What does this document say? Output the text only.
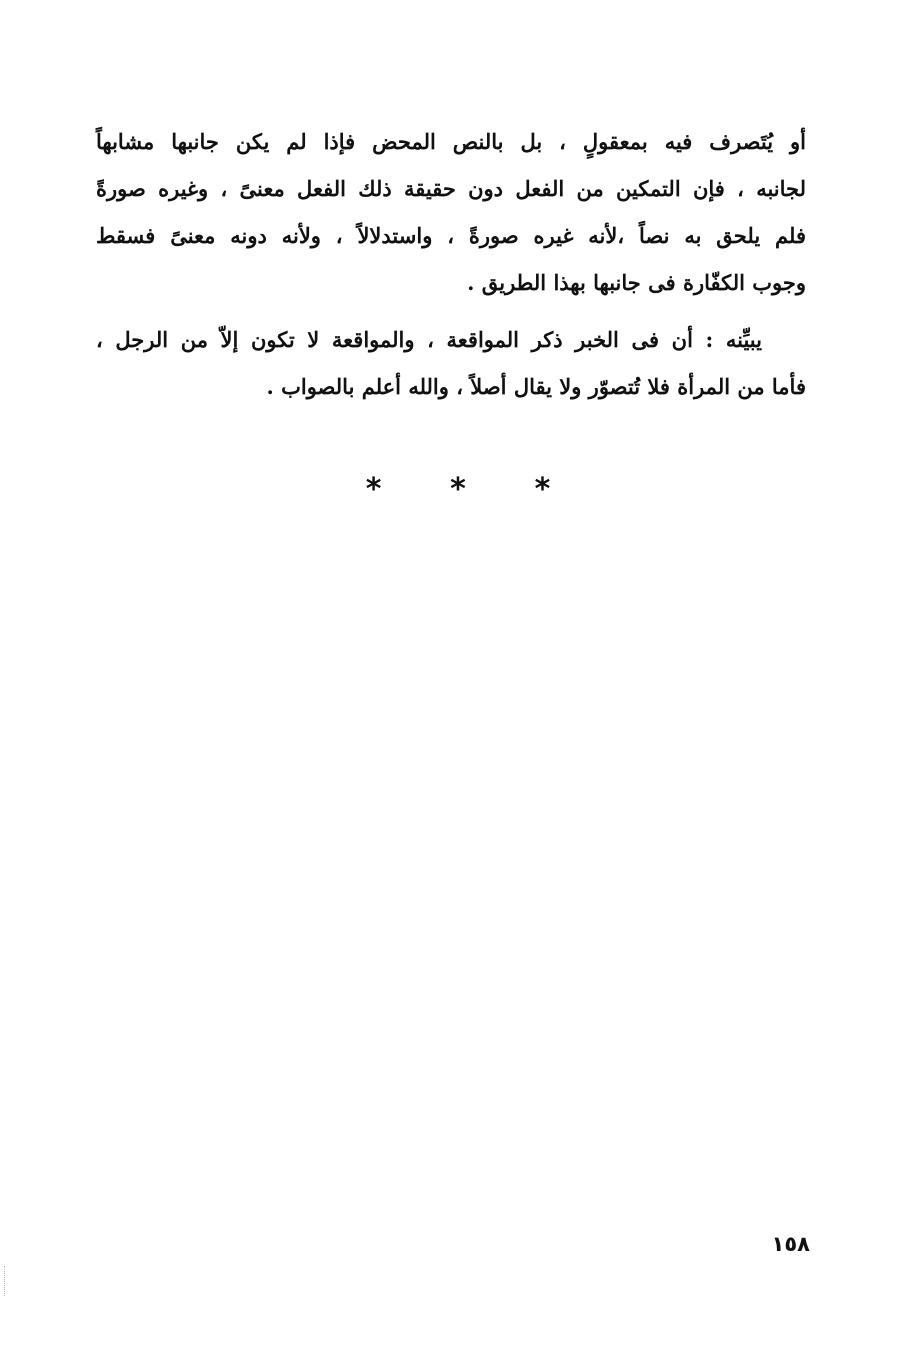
أو يُتَصرف فيه بمعقولٍ ، بل بالنص المحض فإذا لم يكن جانبها مشابهاً
لجانبه ، فإن التمكين من الفعل دون حقيقة ذلك الفعل معنىً ، وغيره صورةً
فلم يلحق به نصاً ،لأنه غيره صورةً ، واستدلالاً ، ولأنه دونه معنىً فسقط
وجوب الكفّارة فى جانبها بهذا الطريق .
يبيِّنه : أن فى الخبر ذكر المواقعة ، والمواقعة لا تكون إلاّ من الرجل ،
فأما من المرأة فلا تُتصوّر ولا يقال أصلاً ، والله أعلم بالصواب .
* * *
١٥٨
